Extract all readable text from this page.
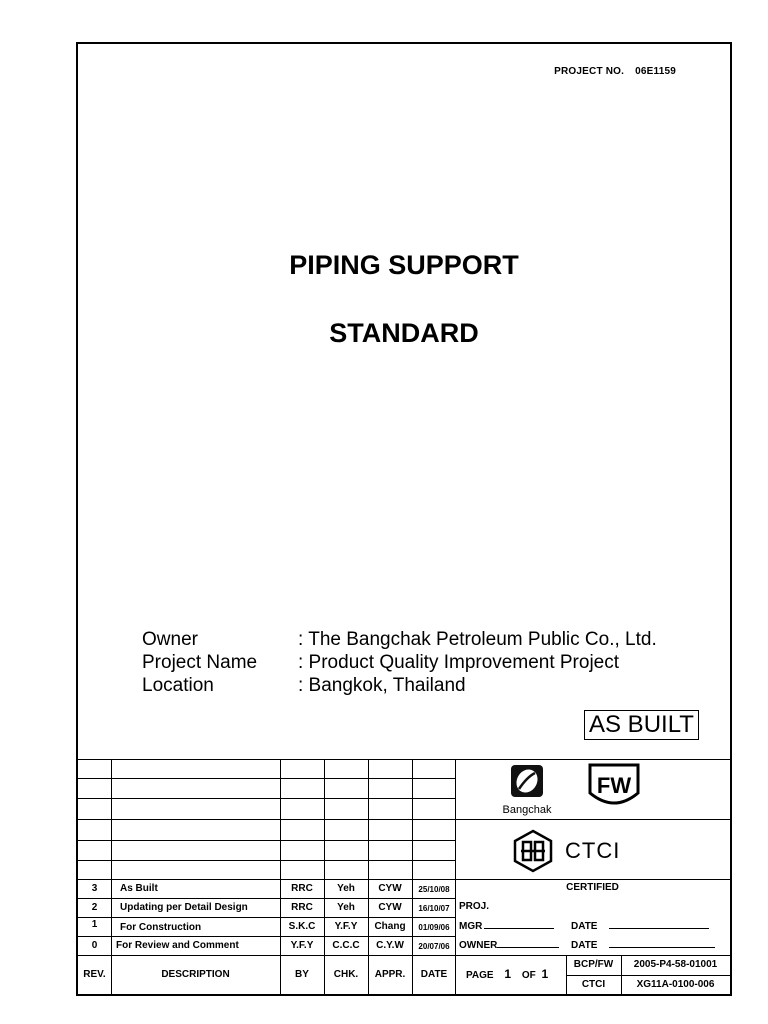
PROJECT NO. 06E1159
PIPING SUPPORT
STANDARD
Owner	: The Bangchak Petroleum Public Co., Ltd.
Project Name	: Product Quality Improvement Project
Location	: Bangkok, Thailand
AS BUILT
Bangchak
FW
CTCI
CERTIFIED
PROJ.
MGR	DATE
OWNER	DATE
3	As Built	RRC	Yeh	CYW	25/10/08
2	Updating per Detail Design	RRC	Yeh	CYW	16/10/07
1	For Construction	S.K.C	Y.F.Y	Chang	01/09/06
0	For Review and Comment	Y.F.Y	C.C.C	C.Y.W	20/07/06
REV.	DESCRIPTION	BY	CHK.	APPR.	DATE	PAGE 1 OF 1
BCP/FW	2005-P4-58-01001
CTCI	XG11A-0100-006
